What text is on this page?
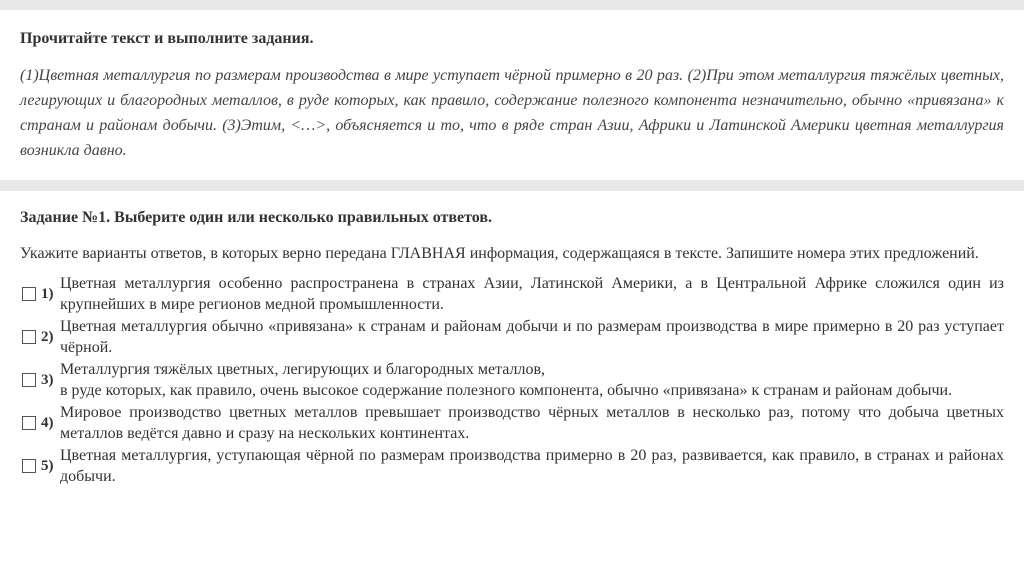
Прочитайте текст и выполните задания.

(1)Цветная металлургия по размерам производства в мире уступает чёрной примерно в 20 раз. (2)При этом металлургия тяжёлых цветных, легирующих и благородных металлов, в руде которых, как правило, содержание полезного компонента незначительно, обычно «привязана» к странам и районам добычи. (3)Этим, <…>, объясняется и то, что в ряде стран Азии, Африки и Латинской Америки цветная металлургия возникла давно.

Задание №1. Выберите один или несколько правильных ответов.

Укажите варианты ответов, в которых верно передана ГЛАВНАЯ информация, содержащаяся в тексте. Запишите номера этих предложений.

1)
Цветная металлургия особенно распространена в странах Азии, Латинской Америки, а в Центральной Африке сложился один из крупнейших в мире регионов медной промышленности.
2)
Цветная металлургия обычно «привязана» к странам и районам добычи и по размерам производства в мире примерно в 20 раз уступает чёрной.
3)
Металлургия тяжёлых цветных, легирующих и благородных металлов,
в руде которых, как правило, очень высокое содержание полезного компонента, обычно «привязана» к странам и районам добычи.
4)
Мировое производство цветных металлов превышает производство чёрных металлов в несколько раз, потому что добыча цветных металлов ведётся давно и сразу на нескольких континентах.
5)
Цветная металлургия, уступающая чёрной по размерам производства примерно в 20 раз, развивается, как правило, в странах и районах добычи.
